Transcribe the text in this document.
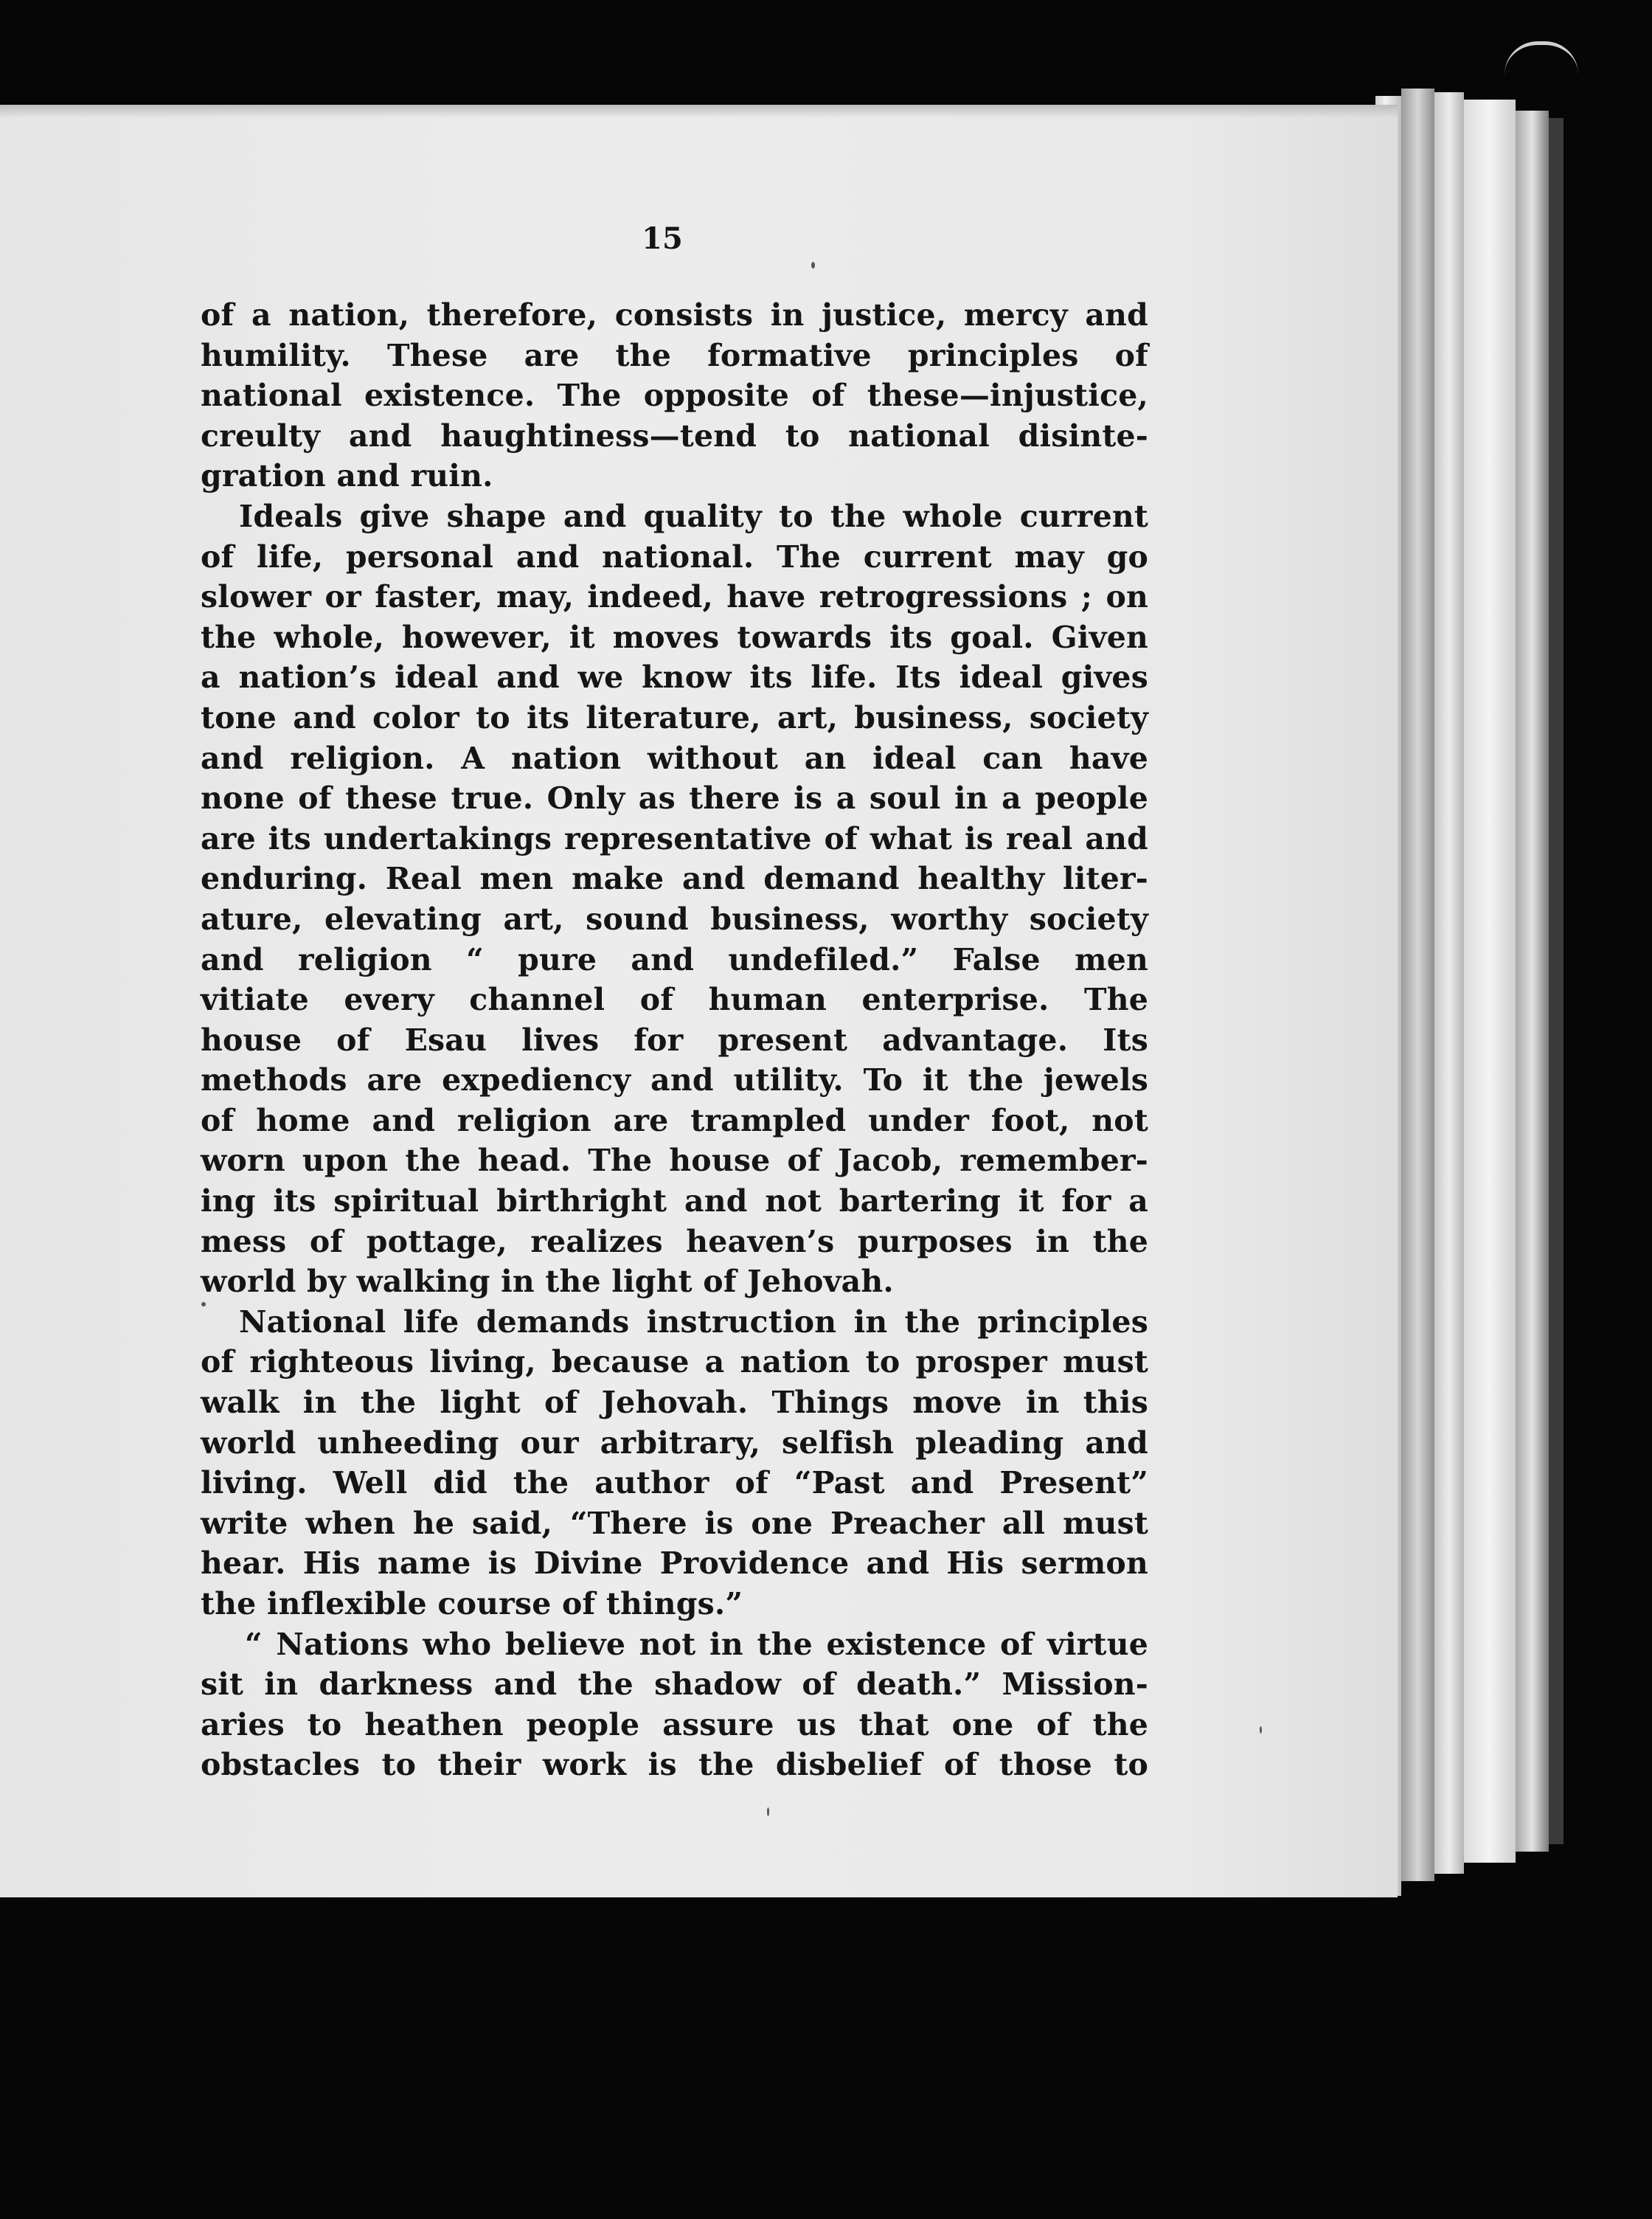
15
of a nation, therefore, consists in justice, mercy and
humility. These are the formative principles of
national existence. The opposite of these—injustice,
creulty and haughtiness—tend to national disinte-
gration and ruin.
Ideals give shape and quality to the whole current
of life, personal and national. The current may go
slower or faster, may, indeed, have retrogressions ; on
the whole, however, it moves towards its goal. Given
a nation’s ideal and we know its life. Its ideal gives
tone and color to its literature, art, business, society
and religion. A nation without an ideal can have
none of these true. Only as there is a soul in a people
are its undertakings representative of what is real and
enduring. Real men make and demand healthy liter-
ature, elevating art, sound business, worthy society
and religion “ pure and undefiled.” False men
vitiate every channel of human enterprise. The
house of Esau lives for present advantage. Its
methods are expediency and utility. To it the jewels
of home and religion are trampled under foot, not
worn upon the head. The house of Jacob, remember-
ing its spiritual birthright and not bartering it for a
mess of pottage, realizes heaven’s purposes in the
world by walking in the light of Jehovah.
National life demands instruction in the principles
of righteous living, because a nation to prosper must
walk in the light of Jehovah. Things move in this
world unheeding our arbitrary, selfish pleading and
living. Well did the author of “Past and Present”
write when he said, “There is one Preacher all must
hear. His name is Divine Providence and His sermon
the inflexible course of things.”
“ Nations who believe not in the existence of virtue
sit in darkness and the shadow of death.” Mission-
aries to heathen people assure us that one of the
obstacles to their work is the disbelief of those to
